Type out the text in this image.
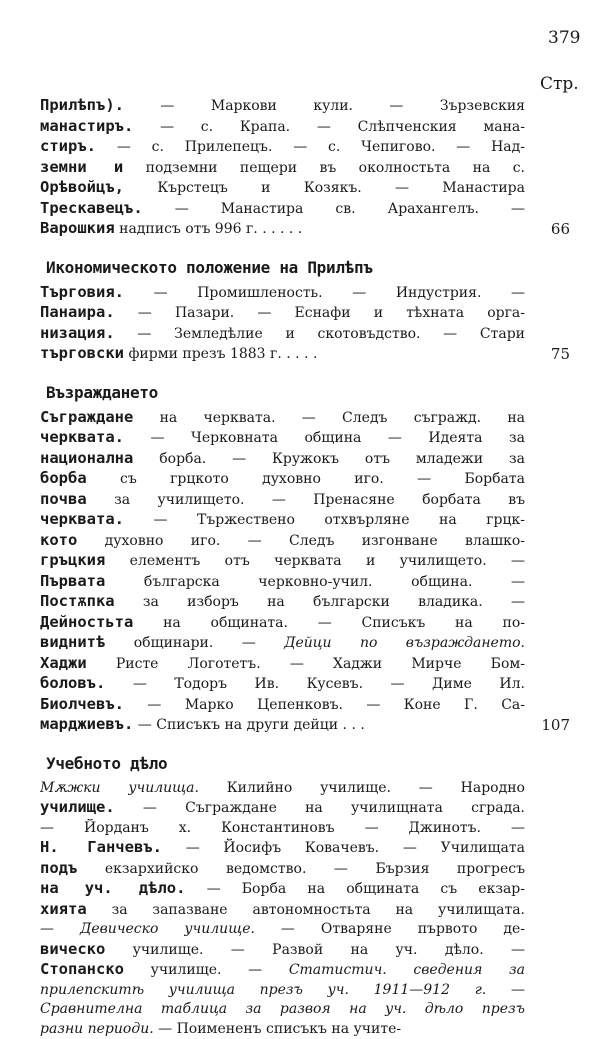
379
Стр.
Прилѣпъ). — Маркови кули. — Зързевския
манастиръ. — с. Крапа. — Слѣпченския мана-
стиръ. — с. Прилепецъ. — с. Чепигово. — Над-
земни и подземни пещери въ околностьта на с.
Орѣвойцъ, Кърстецъ и Козякъ. — Манастира
Трескавецъ. — Манастира св. Арахангелъ. —
Варошкия надписъ отъ 996 г. . . . . .	66
Икономическото положение на Прилѣпъ
Търговия. — Промишленость. — Индустрия. —
Панаира. — Пазари. — Еснафи и тѣхната орга-
низация. — Земледѣлие и скотовъдство. — Стари
търговски фирми презъ 1883 г. . . . .	75
Възраждането
Съграждане на черквата. — Следъ съгражд. на
черквата. — Черковната община — Идеята за
национална борба. — Кружокъ отъ младежи за
борба съ грцкото духовно иго. — Борбата
почва за училището. — Пренасяне борбата въ
черквата. — Тържествено отхвърляне на грцк-
кото духовно иго. — Следъ изгонване влашко-
гръцкия елементъ отъ черквата и училището. —
Първата българска черковно-учил. община. —
Постѫпка за изборъ на български владика. —
Дейностьта на общината. — Списъкъ на по-
виднитѣ общинари. — Дейци по възраждането.
Хаджи Ристе Логотетъ. — Хаджи Мирче Бом-
боловъ. — Тодоръ Ив. Кусевъ. — Диме Ил.
Биолчевъ. — Марко Цепенковъ. — Коне Г. Са-
марджиевъ. — Списъкъ на други дейци . . .	107
Учебното дѣло
Мѫжки училища. Килийно училище. — Народно
училище. — Съграждане на училищната сграда.
— Йорданъ х. Константиновъ — Джинотъ. —
Н. Ганчевъ. — Йосифъ Ковачевъ. — Училищата
подъ екзархийско ведомство. — Бързия прогресъ
на уч. дѣло. — Борба на общината съ екзар-
хията за запазване автономностьта на училищата.
— Девическо училище. — Отваряне първото де-
вическо училище. — Развой на уч. дѣло. —
Стопанско училище. — Статистич. сведения за
прилепскитѣ училища презъ уч. 1911—912 г. —
Сравнителна таблица за развоя на уч. дѣло презъ
разни периоди. — Поимененъ списъкъ на учите-
